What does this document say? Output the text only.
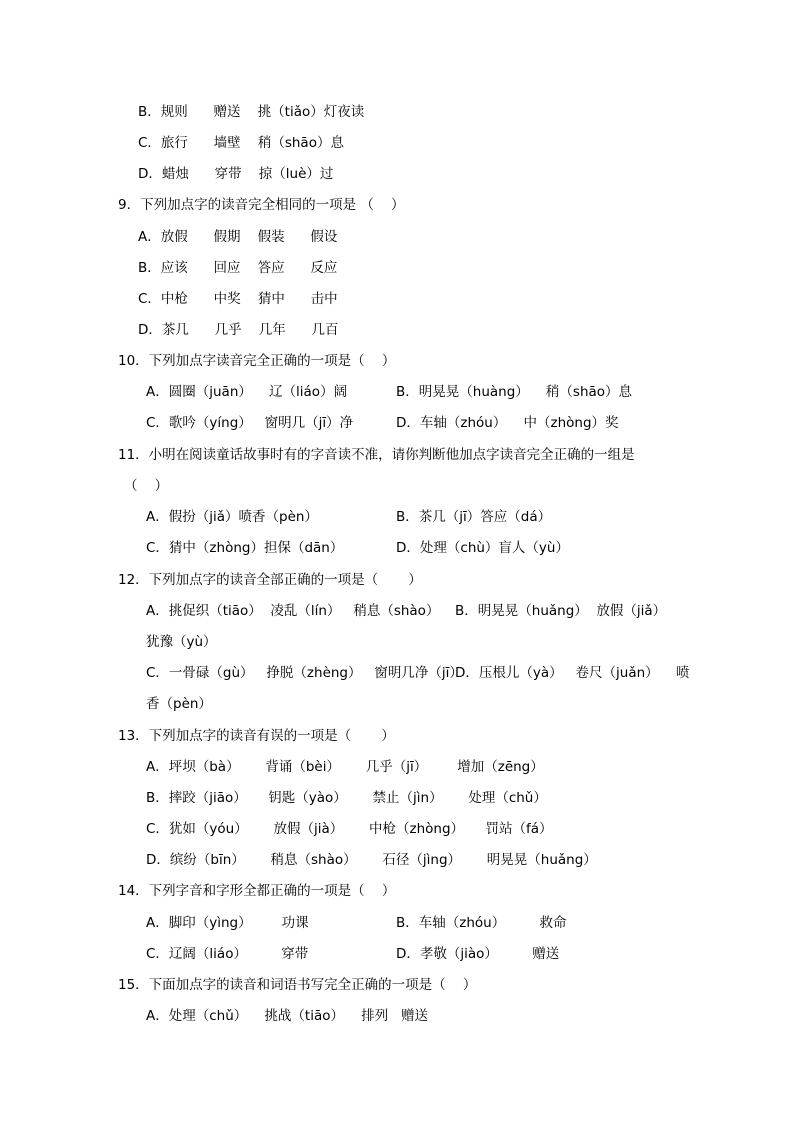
B．规则      赠送    挑（tiǎo）灯夜读
C．旅行      墙壁    稍（shāo）息
D．蜡烛      穿带    掠（luè）过
9．下列加点字的读音完全相同的一项是 （    ）
A．放假      假期    假装      假设
B．应该      回应    答应      反应
C．中枪      中奖    猜中      击中
D．茶几      几乎    几年      几百
10．下列加点字读音完全正确的一项是（    ）
A．圆圈（juān）    辽（liáo）阔	B．明晃晃（huàng）    稍（shāo）息
C．歌吟（yíng）   窗明几（jī）净	D．车轴（zhóu）    中（zhòng）奖
11．小明在阅读童话故事时有的字音读不准，请你判断他加点字读音完全正确的一组是
（    ）
A．假扮（jiǎ）喷香（pèn）	B．茶几（jī）答应（dá）
C．猜中（zhòng）担保（dān）	D．处理（chù）盲人（yù）
12．下列加点字的读音全部正确的一项是（       ）
A．挑促织（tiāo）  凌乱（lín）   稍息（shào） B．明晃晃（huǎng）  放假（jiǎ）
犹豫（yù）
C．一骨碌（gù）   挣脱（zhèng）   窗明几净（jī）
D．压根儿（yà）   卷尺（juǎn）    喷
香（pèn）
13．下列加点字的读音有误的一项是（       ）
A．坪坝（bà）      背诵（bèi）      几乎（jī）       增加（zēng）
B．摔跤（jiāo）     钥匙（yào）      禁止（jìn）      处理（chǔ）
C．犹如（yóu）      放假（jià）      中枪（zhòng）     罚站（fá）
D．缤纷（bīn）      稍息（shào）      石径（jìng）      明晃晃（huǎng）
14．下列字音和字形全都正确的一项是（    ）
A．脚印（yìng）       功课	B．车轴（zhóu）        救命
C．辽阔（liáo）        穿带	D．孝敬（jiào）        赠送
15．下面加点字的读音和词语书写完全正确的一项是（    ）
A．处理（chǔ）    挑战（tiāo）    排列   赠送
